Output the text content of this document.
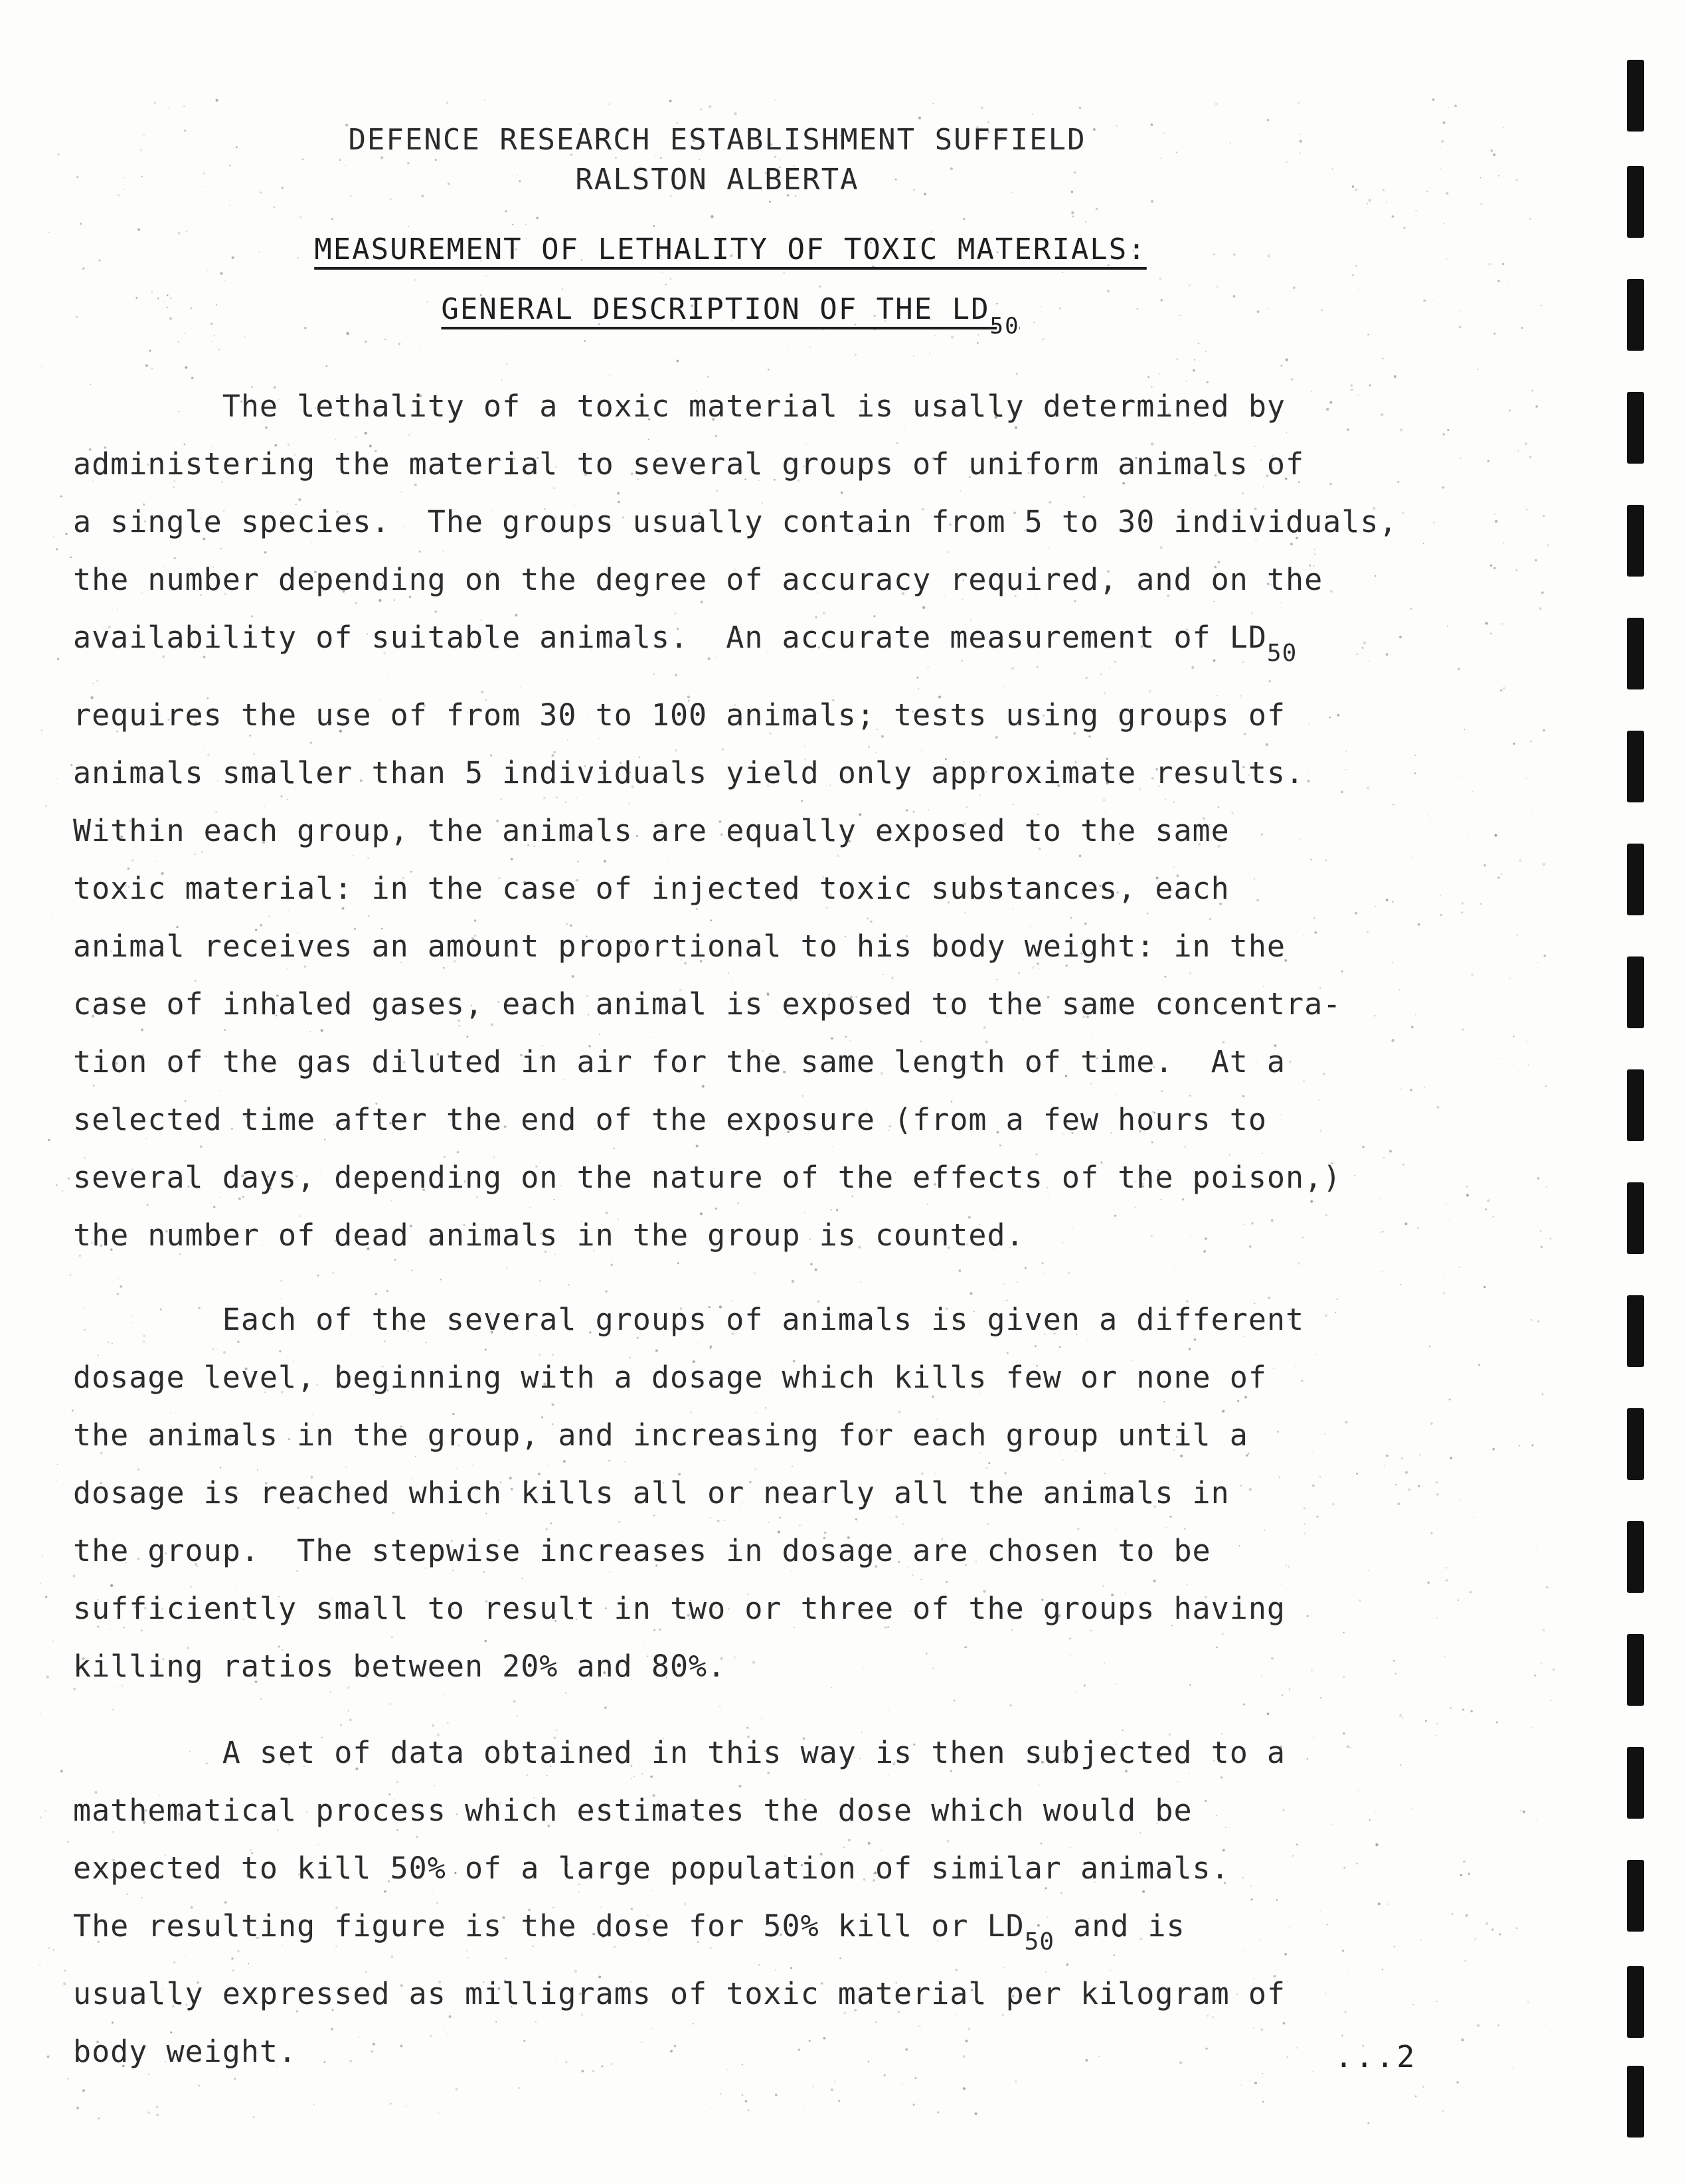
DEFENCE RESEARCH ESTABLISHMENT SUFFIELD
RALSTON ALBERTA
MEASUREMENT OF LETHALITY OF TOXIC MATERIALS:
GENERAL DESCRIPTION OF THE $LD_{50}$
The lethality of a toxic material is usally determined by
administering the material to several groups of uniform animals of
a single species.  The groups usually contain from 5 to 30 individuals,
the number depending on the degree of accuracy required, and on the
availability of suitable animals.  An accurate measurement of $LD_{50}$
requires the use of from 30 to 100 animals; tests using groups of
animals smaller than 5 individuals yield only approximate results.
Within each group, the animals are equally exposed to the same
toxic material: in the case of injected toxic substances, each
animal receives an amount proportional to his body weight: in the
case of inhaled gases, each animal is exposed to the same concentra-
tion of the gas diluted in air for the same length of time.  At a
selected time after the end of the exposure (from a few hours to
several days, depending on the nature of the effects of the poison,)
the number of dead animals in the group is counted.
Each of the several groups of animals is given a different
dosage level, beginning with a dosage which kills few or none of
the animals in the group, and increasing for each group until a
dosage is reached which kills all or nearly all the animals in
the group.  The stepwise increases in dosage are chosen to be
sufficiently small to result in two or three of the groups having
killing ratios between 20% and 80%.
A set of data obtained in this way is then subjected to a
mathematical process which estimates the dose which would be
expected to kill 50% of a large population of similar animals.
The resulting figure is the dose for 50% kill or $LD_{50}$ and is
usually expressed as milligrams of toxic material per kilogram of
body weight.	...2
